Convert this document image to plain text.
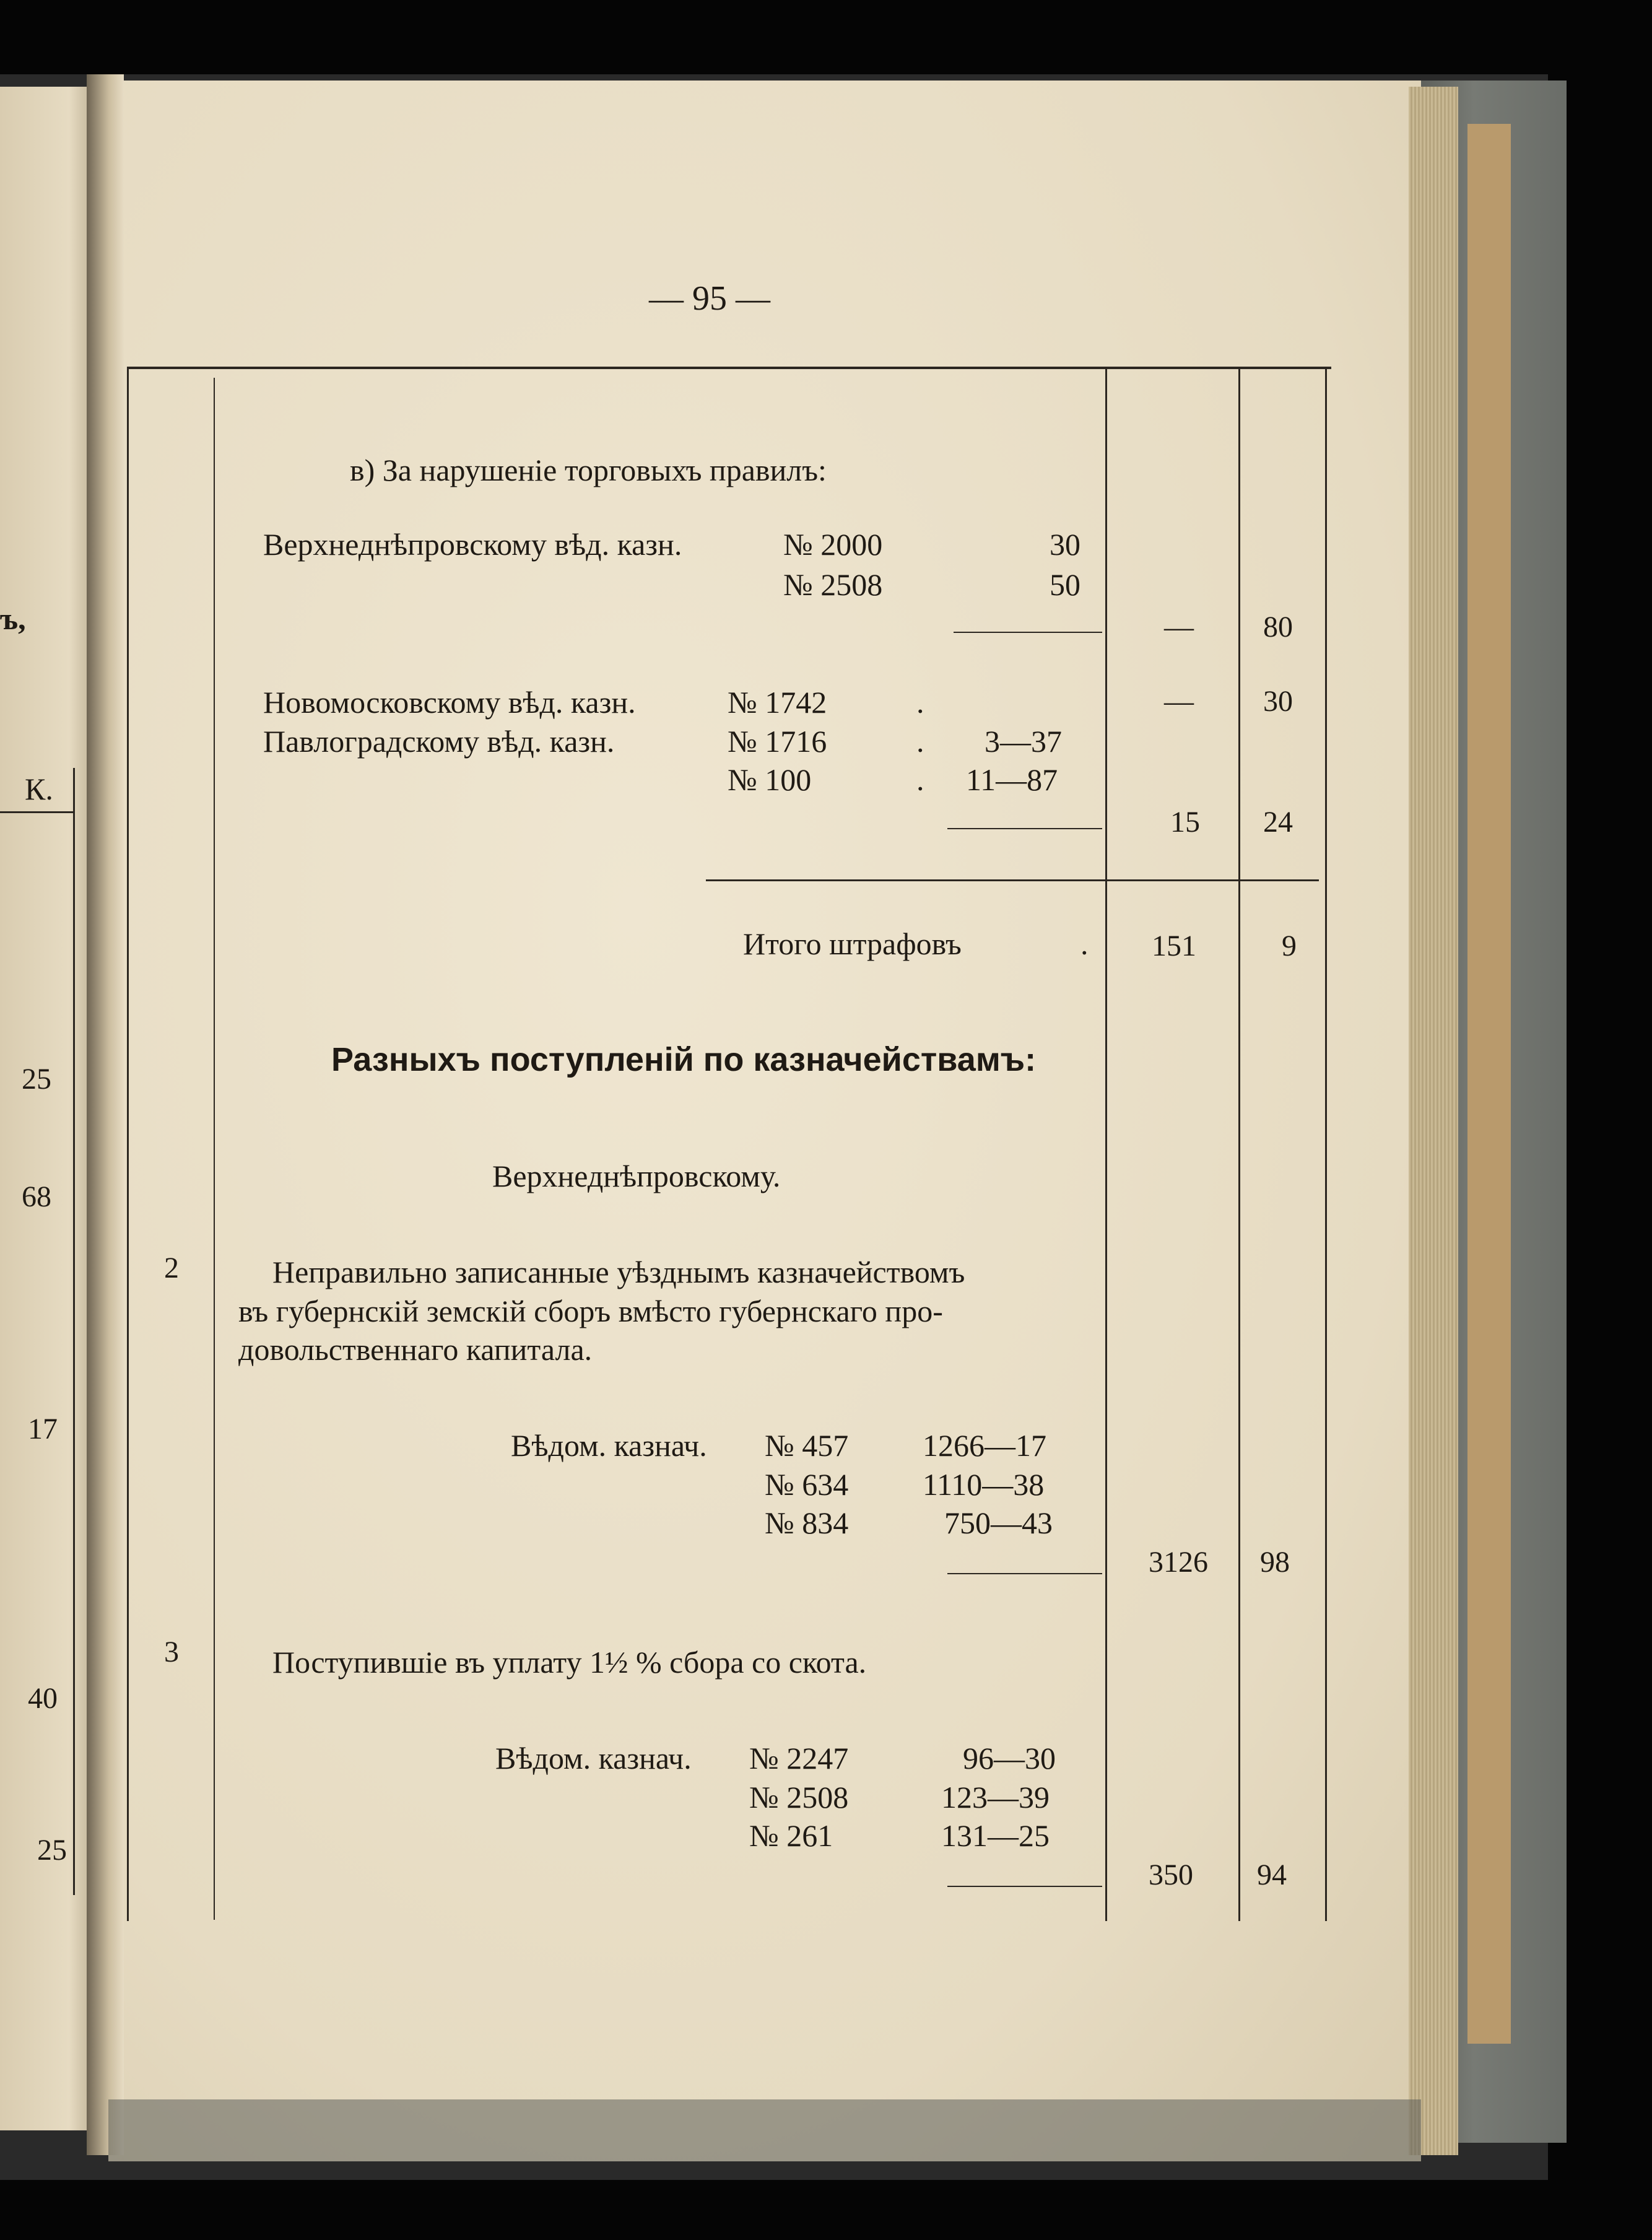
ъ,
К.
25
68
17
40
25
— 95 —
в) За нарушеніе торговыхъ правилъ:
Верхнеднѣпровскому вѣд. казн.	№ 2000	30
№ 2508	50
— 80
Новомосковскому вѣд. казн.	№ 1742	.	— 30
Павлоградскому вѣд. казн.	№ 1716	. 3—37
№ 100	. 11—87
15 24
Итого штрафовъ	. 151	9
Разныхъ поступленій по казначействамъ:
Верхнеднѣпровскому.
2	Неправильно записанные уѣзднымъ казначействомъ
въ губернскій земскій сборъ вмѣсто губернскаго про-
довольственнаго капитала.
Вѣдом. казнач. № 457 1266—17
№ 634 1110—38
№ 834	750—43
3126 98
3	Поступившіе въ уплату 1½ % сбора со скота.
Вѣдом. казнач. № 2247	96—30
№ 2508	123—39
№ 261	131—25
350 94
